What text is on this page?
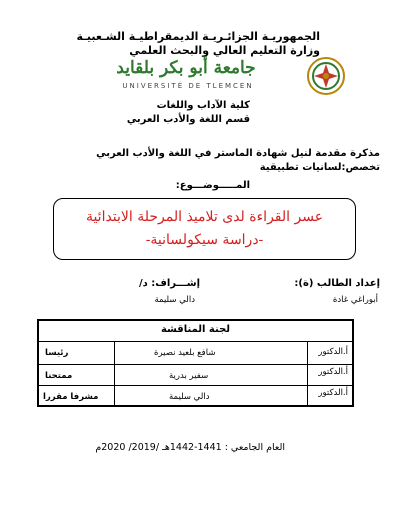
الجمهوريـة الجزائـريـة الديمقراطيـة الشـعبيـة
وزارة التعليم العالي والبحث العلمي
جامعة أبو بكر بلقايد
UNIVERSITÉ DE TLEMCEN
كلية الآداب واللغات
قسم اللغة والأدب العربي
مذكرة مقدمة لنيل شهادة الماستر في اللغة والأدب العربي
تخصص:لسانيات تطبيقية
المـــــوضـــوع:
عسر القراءة لدى تلاميذ المرحلة الابتدائية
-دراسة سيكولسانية-
إعداد الطالب (ة):
أبوراغي غادة
إشـــراف: د/
دالي سليمة
لجنة المناقشة
أ.الدكتور
شافع بلعيد نصيرة
رئيسا
أ.الدكتور
سفير بدرية
ممتحنا
أ.الدكتور
دالي سليمة
مشرفا مقررا
العام الجامعي : 1441-1442هـ /2019/ 2020م
